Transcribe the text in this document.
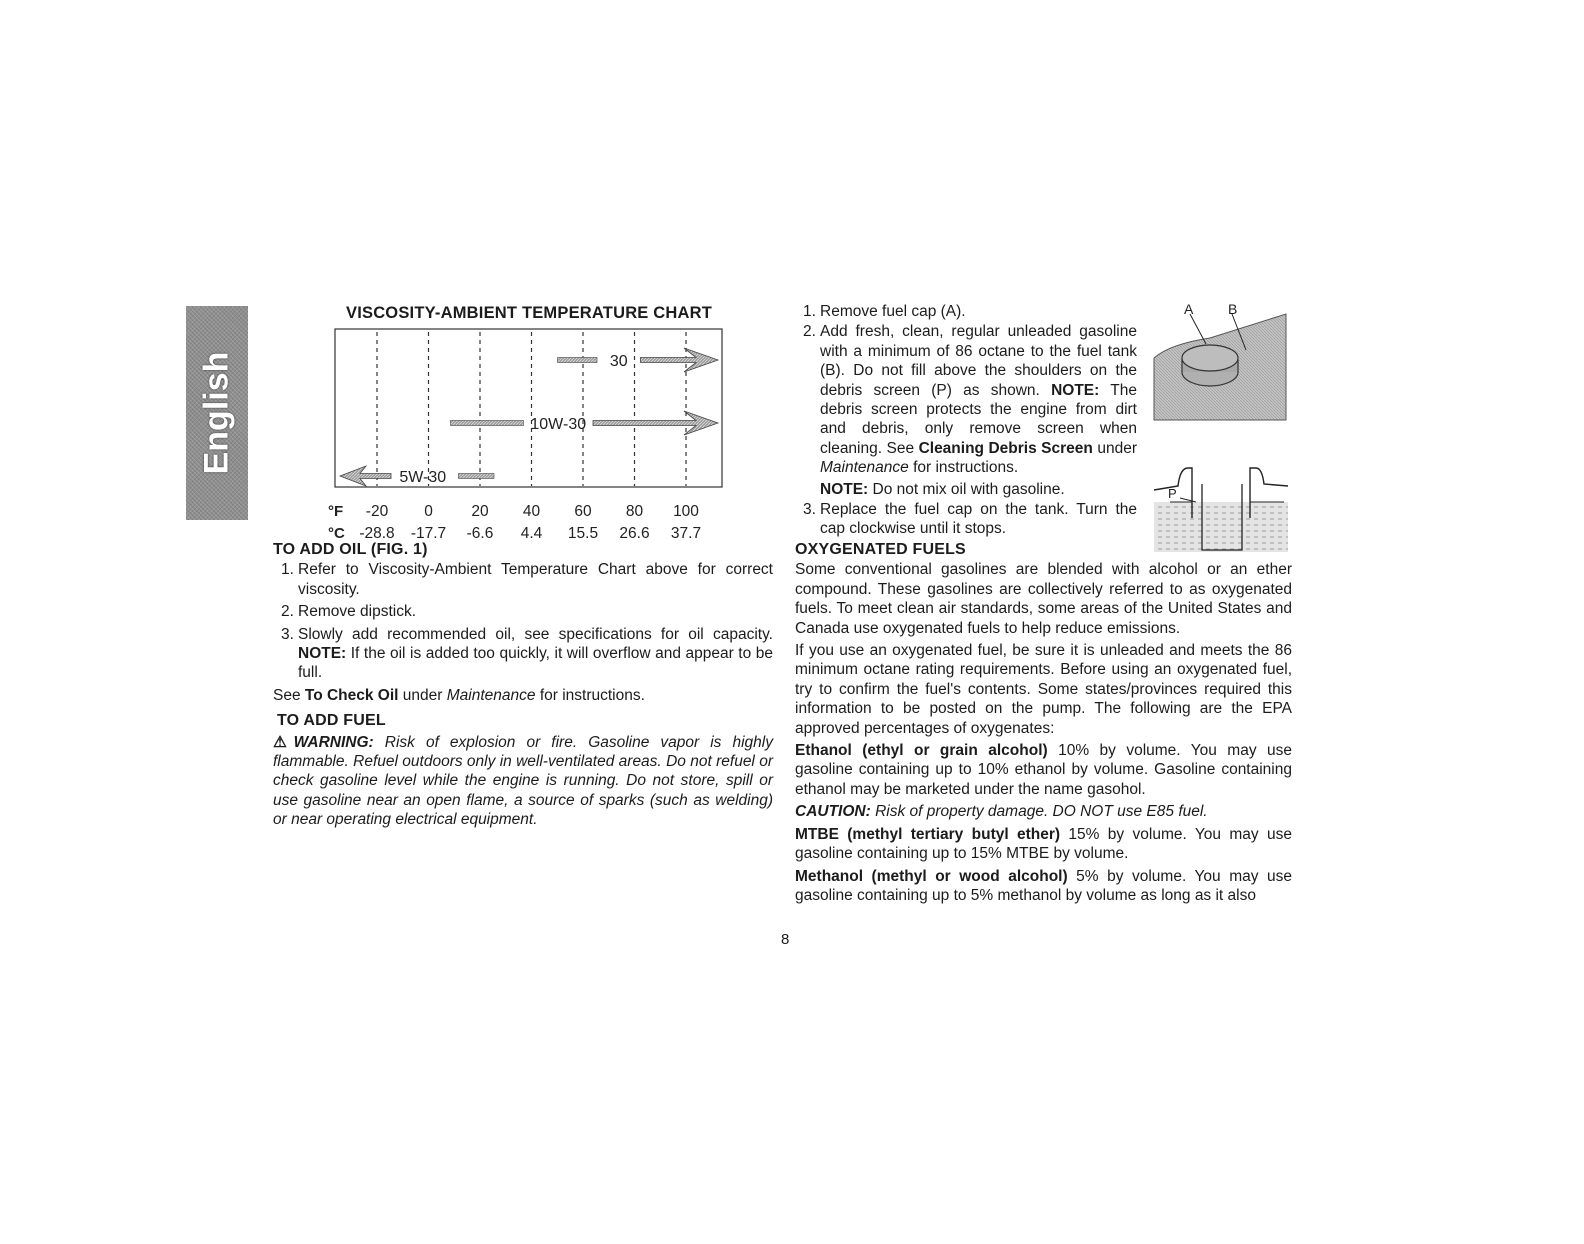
English
VISCOSITY-AMBIENT TEMPERATURE CHART
30
10W-30
5W-30
°F
°C
-20 0 20 40 60 80 100
-28.8 -17.7 -6.6 4.4 15.5 26.6 37.7
A B
P
TO ADD OIL (FIG. 1)
1. Refer to Viscosity-Ambient Temperature Chart above for correct viscosity.
2. Remove dipstick.
3. Slowly add recommended oil, see specifications for oil capacity. NOTE: If the oil is added too quickly, it will overflow and appear to be full.
See To Check Oil under Maintenance for instructions.
TO ADD FUEL
⚠WARNING: Risk of explosion or fire. Gasoline vapor is highly flammable. Refuel outdoors only in well-ventilated areas. Do not refuel or check gasoline level while the engine is running. Do not store, spill or use gasoline near an open flame, a source of sparks (such as welding) or near operating electrical equipment.
1. Remove fuel cap (A).
2. Add fresh, clean, regular unleaded gasoline with a minimum of 86 octane to the fuel tank (B). Do not fill above the shoulders on the debris screen (P) as shown. NOTE: The debris screen protects the engine from dirt and debris, only remove screen when cleaning. See Cleaning Debris Screen under Maintenance for instructions.
NOTE: Do not mix oil with gasoline.
3. Replace the fuel cap on the tank. Turn the cap clockwise until it stops.
OXYGENATED FUELS
Some conventional gasolines are blended with alcohol or an ether compound. These gasolines are collectively referred to as oxygenated fuels. To meet clean air standards, some areas of the United States and Canada use oxygenated fuels to help reduce emissions.
If you use an oxygenated fuel, be sure it is unleaded and meets the 86 minimum octane rating requirements. Before using an oxygenated fuel, try to confirm the fuel's contents. Some states/provinces required this information to be posted on the pump. The following are the EPA approved percentages of oxygenates:
Ethanol (ethyl or grain alcohol) 10% by volume. You may use gasoline containing up to 10% ethanol by volume. Gasoline containing ethanol may be marketed under the name gasohol.
CAUTION: Risk of property damage. DO NOT use E85 fuel.
MTBE (methyl tertiary butyl ether) 15% by volume. You may use gasoline containing up to 15% MTBE by volume.
Methanol (methyl or wood alcohol) 5% by volume. You may use gasoline containing up to 5% methanol by volume as long as it also
8
